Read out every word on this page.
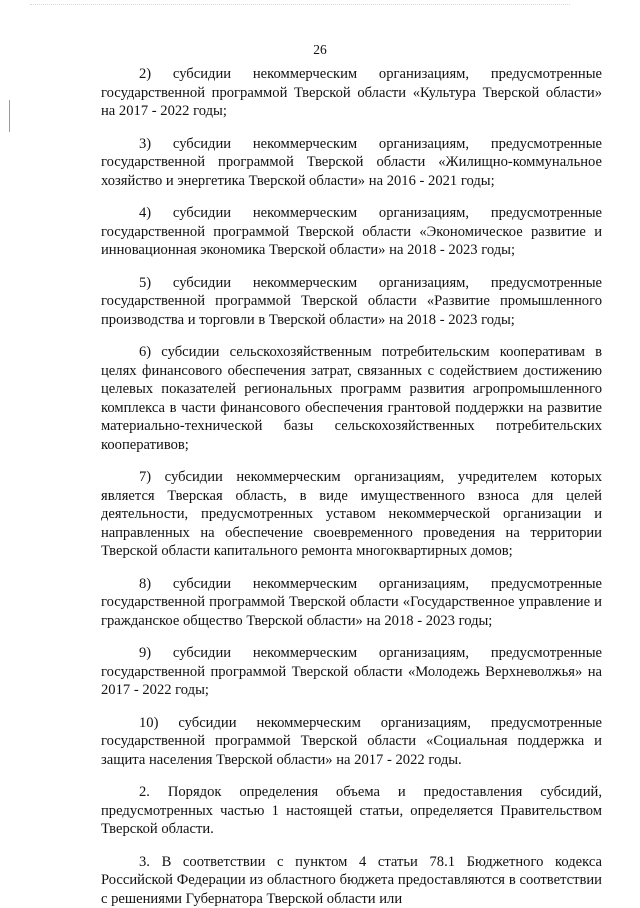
26

2) субсидии некоммерческим организациям, предусмотренные государственной программой Тверской области «Культура Тверской области» на 2017 - 2022 годы;

3) субсидии некоммерческим организациям, предусмотренные государственной программой Тверской области «Жилищно-коммунальное хозяйство и энергетика Тверской области» на 2016 - 2021 годы;

4) субсидии некоммерческим организациям, предусмотренные государственной программой Тверской области «Экономическое развитие и инновационная экономика Тверской области» на 2018 - 2023 годы;

5) субсидии некоммерческим организациям, предусмотренные государственной программой Тверской области «Развитие промышленного производства и торговли в Тверской области» на 2018 - 2023 годы;

6) субсидии сельскохозяйственным потребительским кооперативам в целях финансового обеспечения затрат, связанных с содействием достижению целевых показателей региональных программ развития агропромышленного комплекса в части финансового обеспечения грантовой поддержки на развитие материально-технической базы сельскохозяйственных потребительских кооперативов;

7) субсидии некоммерческим организациям, учредителем которых является Тверская область, в виде имущественного взноса для целей деятельности, предусмотренных уставом некоммерческой организации и направленных на обеспечение своевременного проведения на территории Тверской области капитального ремонта многоквартирных домов;

8) субсидии некоммерческим организациям, предусмотренные государственной программой Тверской области «Государственное управление и гражданское общество Тверской области» на 2018 - 2023 годы;

9) субсидии некоммерческим организациям, предусмотренные государственной программой Тверской области «Молодежь Верхневолжья» на 2017 - 2022 годы;

10) субсидии некоммерческим организациям, предусмотренные государственной программой Тверской области «Социальная поддержка и защита населения Тверской области» на 2017 - 2022 годы.

2. Порядок определения объема и предоставления субсидий, предусмотренных частью 1 настоящей статьи, определяется Правительством Тверской области.

3. В соответствии с пунктом 4 статьи 78.1 Бюджетного кодекса Российской Федерации из областного бюджета предоставляются в соответствии с решениями Губернатора Тверской области или
